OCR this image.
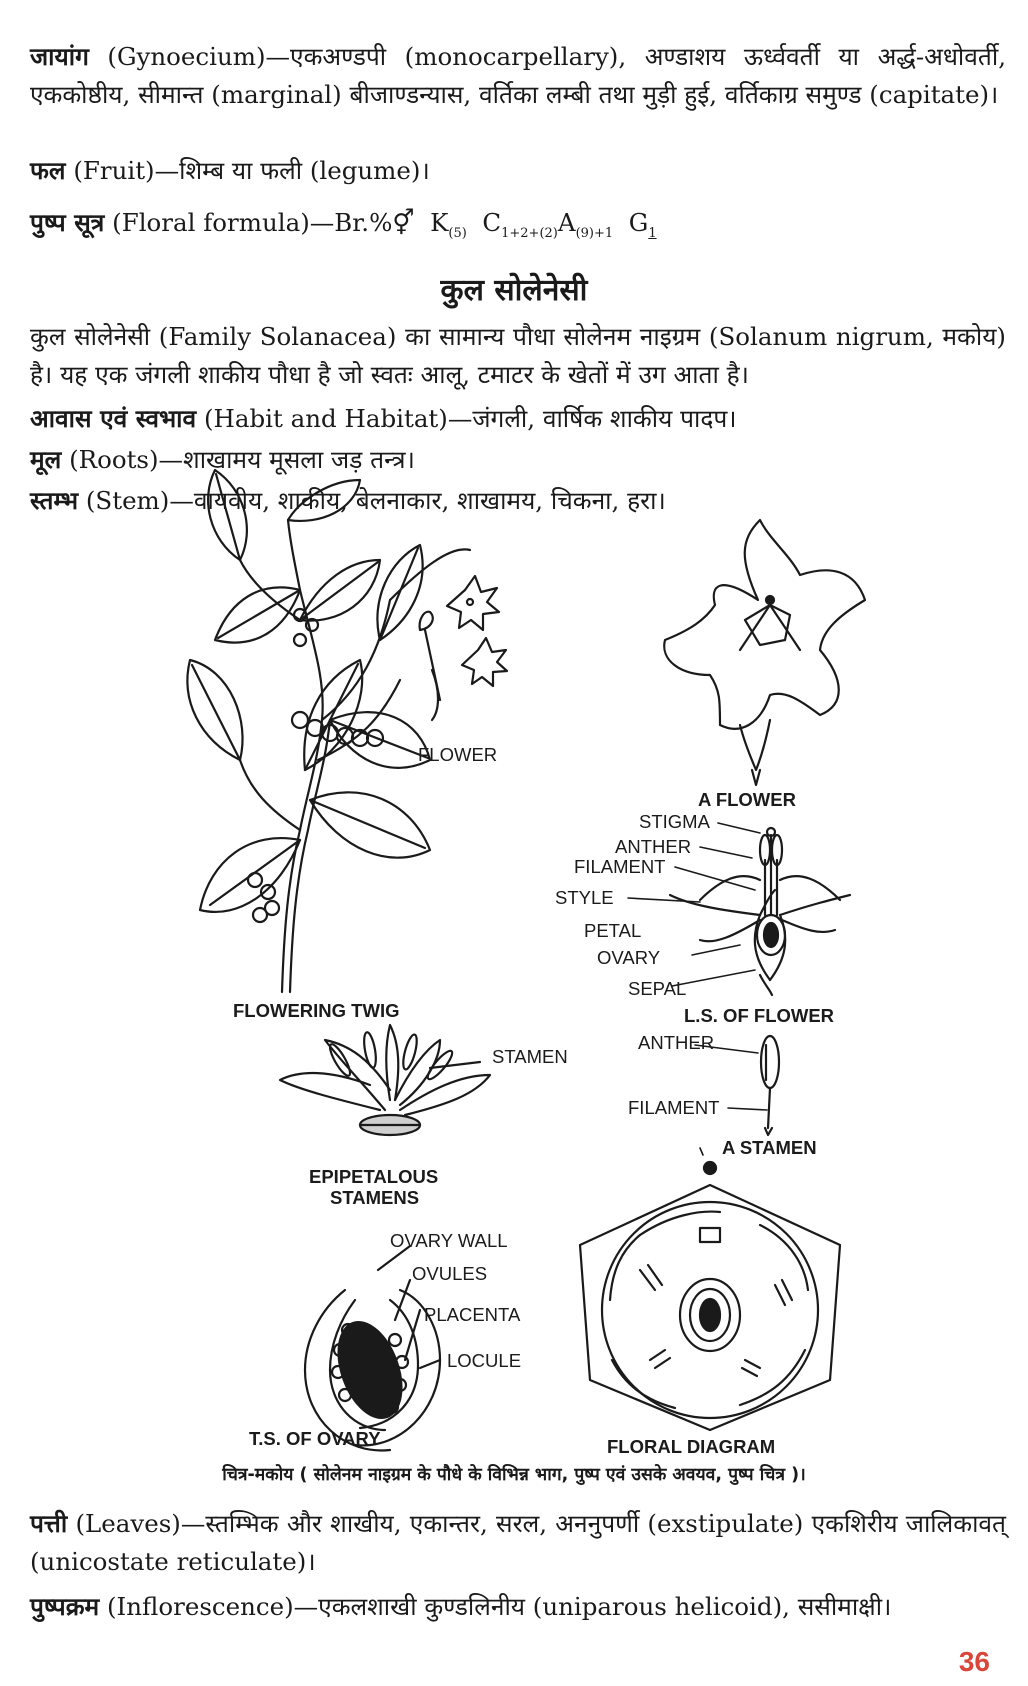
जायांग (Gynoecium)—एकअण्डपी (monocarpellary), अण्डाशय ऊर्ध्ववर्ती या अर्द्ध-अधोवर्ती, एककोष्ठीय, सीमान्त (marginal) बीजाण्डन्यास, वर्तिका लम्बी तथा मुड़ी हुई, वर्तिकाग्र समुण्ड (capitate)।
फल (Fruit)—शिम्ब या फली (legume)।
पुष्प सूत्र (Floral formula)—Br.%⚥ $K_{(5)}$ $C_{1+2+(2)}A_{(9)+1}$ $G_1$
कुल सोलेनेसी
कुल सोलेनेसी (Family Solanacea) का सामान्य पौधा सोलेनम नाइग्रम (Solanum nigrum, मकोय) है। यह एक जंगली शाकीय पौधा है जो स्वतः आलू, टमाटर के खेतों में उग आता है।
आवास एवं स्वभाव (Habit and Habitat)—जंगली, वार्षिक शाकीय पादप।
मूल (Roots)—शाखामय मूसला जड़ तन्त्र।
स्तम्भ (Stem)—वायवीय, शाकीय, बेलनाकार, शाखामय, चिकना, हरा।
FLOWER
FLOWERING TWIG
A FLOWER
STIGMA
ANTHER
FILAMENT
STYLE
PETAL
OVARY
SEPAL
L.S. OF FLOWER
STAMEN
ANTHER
FILAMENT
A STAMEN
EPIPETALOUS
STAMENS
OVARY WALL
OVULES
PLACENTA
LOCULE
T.S. OF OVARY	FLORAL DIAGRAM
चित्र-मकोय ( सोलेनम नाइग्रम के पौधे के विभिन्न भाग, पुष्प एवं उसके अवयव, पुष्प चित्र )।
पत्ती (Leaves)—स्तम्भिक और शाखीय, एकान्तर, सरल, अननुपर्णी (exstipulate) एकशिरीय जालिकावत् (unicostate reticulate)।
पुष्पक्रम (Inflorescence)—एकलशाखी कुण्डलिनीय (uniparous helicoid), ससीमाक्षी।
36
